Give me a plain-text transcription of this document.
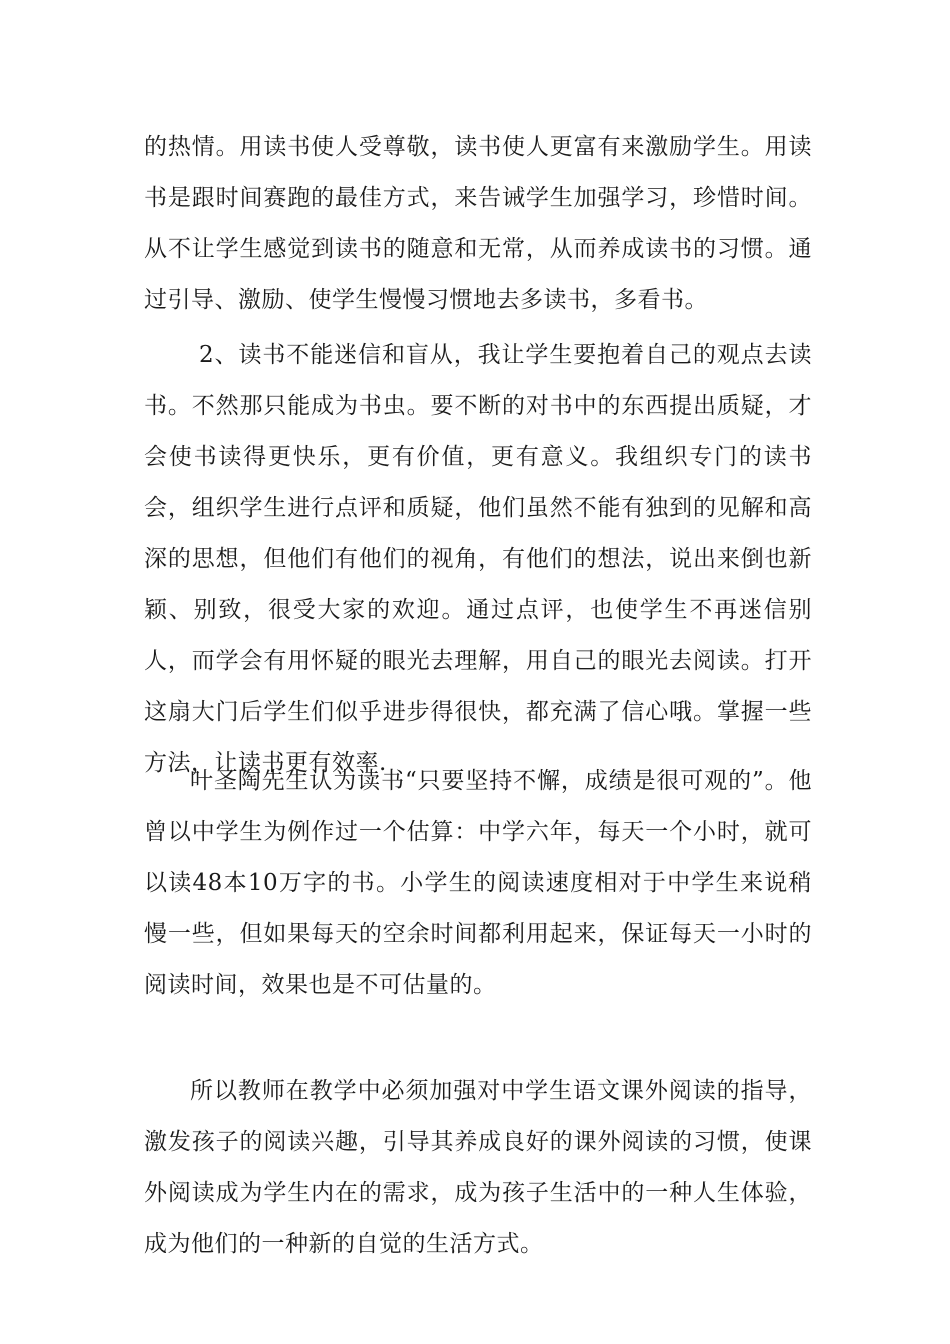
的热情。用读书使人受尊敬，读书使人更富有来激励学生。用读书是跟时间赛跑的最佳方式，来告诫学生加强学习，珍惜时间。从不让学生感觉到读书的随意和无常，从而养成读书的习惯。通过引导、激励、使学生慢慢习惯地去多读书，多看书。

2、读书不能迷信和盲从，我让学生要抱着自己的观点去读书。不然那只能成为书虫。要不断的对书中的东西提出质疑，才会使书读得更快乐，更有价值，更有意义。我组织专门的读书会，组织学生进行点评和质疑，他们虽然不能有独到的见解和高深的思想，但他们有他们的视角，有他们的想法，说出来倒也新颖、别致，很受大家的欢迎。通过点评，也使学生不再迷信别人，而学会有用怀疑的眼光去理解，用自己的眼光去阅读。打开这扇大门后学生们似乎进步得很快，都充满了信心哦。掌握一些方法，让读书更有效率.

叶圣陶先生认为读书“只要坚持不懈，成绩是很可观的”。他曾以中学生为例作过一个估算：中学六年，每天一个小时，就可以读48本10万字的书。小学生的阅读速度相对于中学生来说稍慢一些，但如果每天的空余时间都利用起来，保证每天一小时的阅读时间，效果也是不可估量的。

所以教师在教学中必须加强对中学生语文课外阅读的指导，激发孩子的阅读兴趣，引导其养成良好的课外阅读的习惯，使课外阅读成为学生内在的需求，成为孩子生活中的一种人生体验，成为他们的一种新的自觉的生活方式。
